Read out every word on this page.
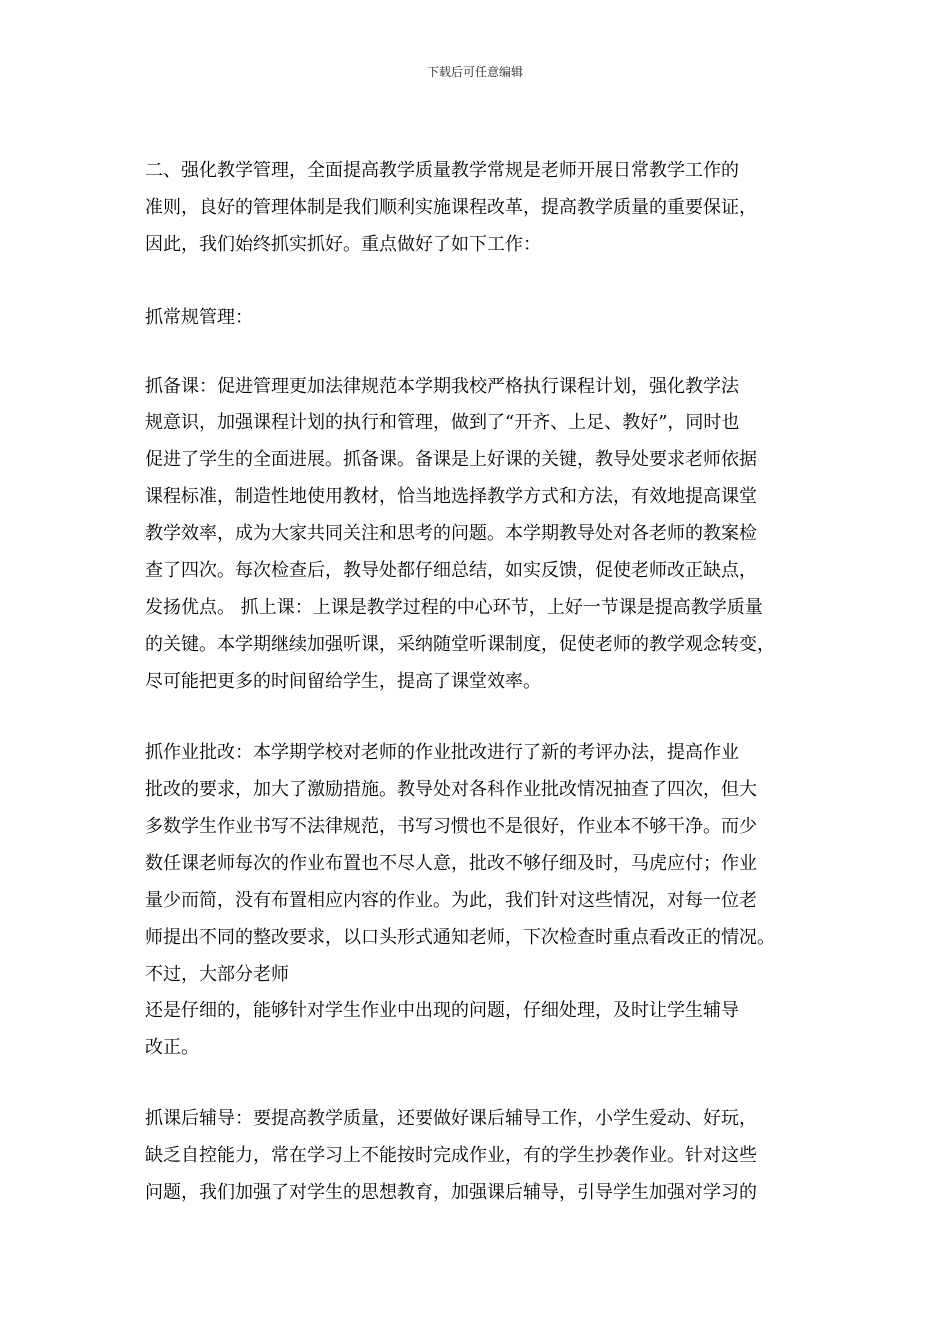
下载后可任意编辑
二、强化教学管理，全面提高教学质量教学常规是老师开展日常教学工作的
准则，良好的管理体制是我们顺利实施课程改革，提高教学质量的重要保证，
因此，我们始终抓实抓好。重点做好了如下工作：
抓常规管理：
抓备课：促进管理更加法律规范本学期我校严格执行课程计划，强化教学法
规意识，加强课程计划的执行和管理，做到了“开齐、上足、教好”，同时也
促进了学生的全面进展。抓备课。备课是上好课的关键，教导处要求老师依据
课程标准，制造性地使用教材，恰当地选择教学方式和方法，有效地提高课堂
教学效率，成为大家共同关注和思考的问题。本学期教导处对各老师的教案检
查了四次。每次检查后，教导处都仔细总结，如实反馈，促使老师改正缺点，
发扬优点。 抓上课：上课是教学过程的中心环节，上好一节课是提高教学质量
的关键。本学期继续加强听课，采纳随堂听课制度，促使老师的教学观念转变，
尽可能把更多的时间留给学生，提高了课堂效率。
抓作业批改：本学期学校对老师的作业批改进行了新的考评办法，提高作业
批改的要求，加大了激励措施。教导处对各科作业批改情况抽查了四次，但大
多数学生作业书写不法律规范，书写习惯也不是很好，作业本不够干净。而少
数任课老师每次的作业布置也不尽人意，批改不够仔细及时，马虎应付；作业
量少而简，没有布置相应内容的作业。为此，我们针对这些情况，对每一位老
师提出不同的整改要求，以口头形式通知老师，下次检查时重点看改正的情况。
不过，大部分老师
还是仔细的，能够针对学生作业中出现的问题，仔细处理，及时让学生辅导
改正。
抓课后辅导：要提高教学质量，还要做好课后辅导工作，小学生爱动、好玩，
缺乏自控能力，常在学习上不能按时完成作业，有的学生抄袭作业。针对这些
问题，我们加强了对学生的思想教育，加强课后辅导，引导学生加强对学习的
